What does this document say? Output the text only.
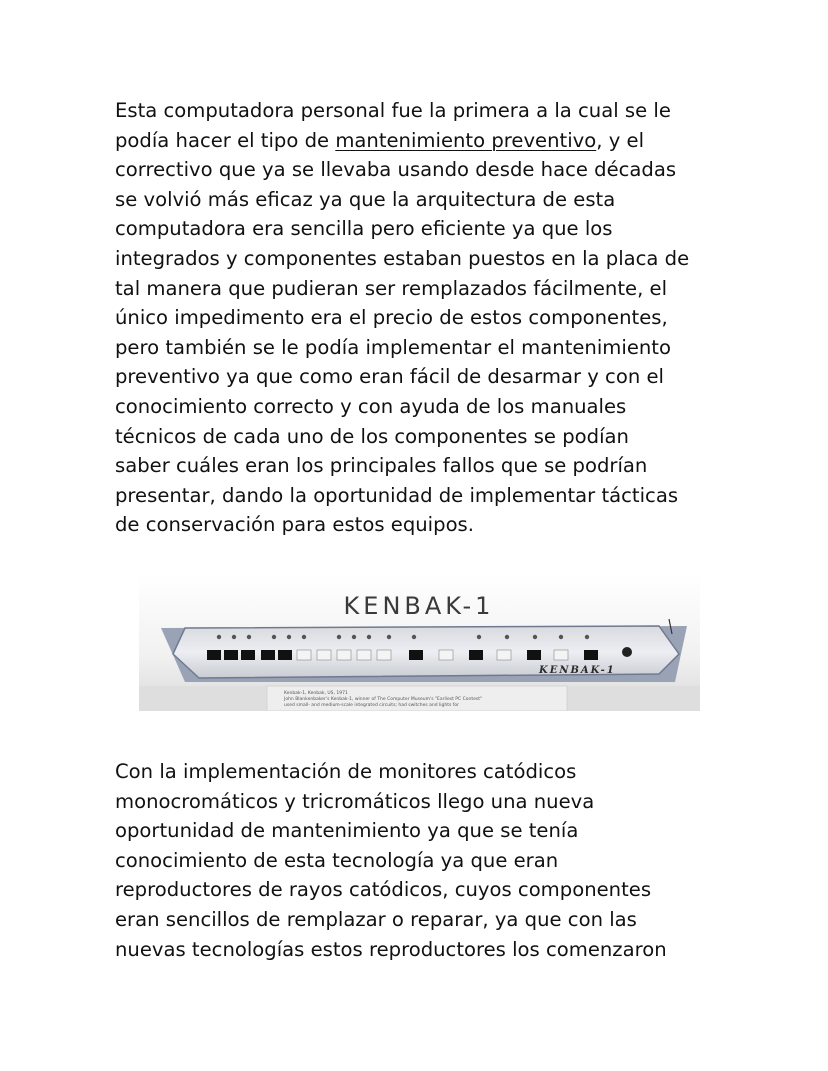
Esta computadora personal fue la primera a la cual se le
podía hacer el tipo de mantenimiento preventivo, y el
correctivo que ya se llevaba usando desde hace décadas
se volvió más eficaz ya que la arquitectura de esta
computadora era sencilla pero eficiente ya que los
integrados y componentes estaban puestos en la placa de
tal manera que pudieran ser remplazados fácilmente, el
único impedimento era el precio de estos componentes,
pero también se le podía implementar el mantenimiento
preventivo ya que como eran fácil de desarmar y con el
conocimiento correcto y con ayuda de los manuales
técnicos de cada uno de los componentes se podían
saber cuáles eran los principales fallos que se podrían
presentar, dando la oportunidad de implementar tácticas
de conservación para estos equipos.
Kenbak-1, Kenbak, US, 1971
John Blankenbaker's Kenbak-1, winner of The Computer Museum's "Earliest PC Contest"
used small- and medium-scale integrated circuits; had switches and lights for
KENBAK-1
KENBAK-1
Con la implementación de monitores catódicos
monocromáticos y tricromáticos llego una nueva
oportunidad de mantenimiento ya que se tenía
conocimiento de esta tecnología ya que eran
reproductores de rayos catódicos, cuyos componentes
eran sencillos de remplazar o reparar, ya que con las
nuevas tecnologías estos reproductores los comenzaron
